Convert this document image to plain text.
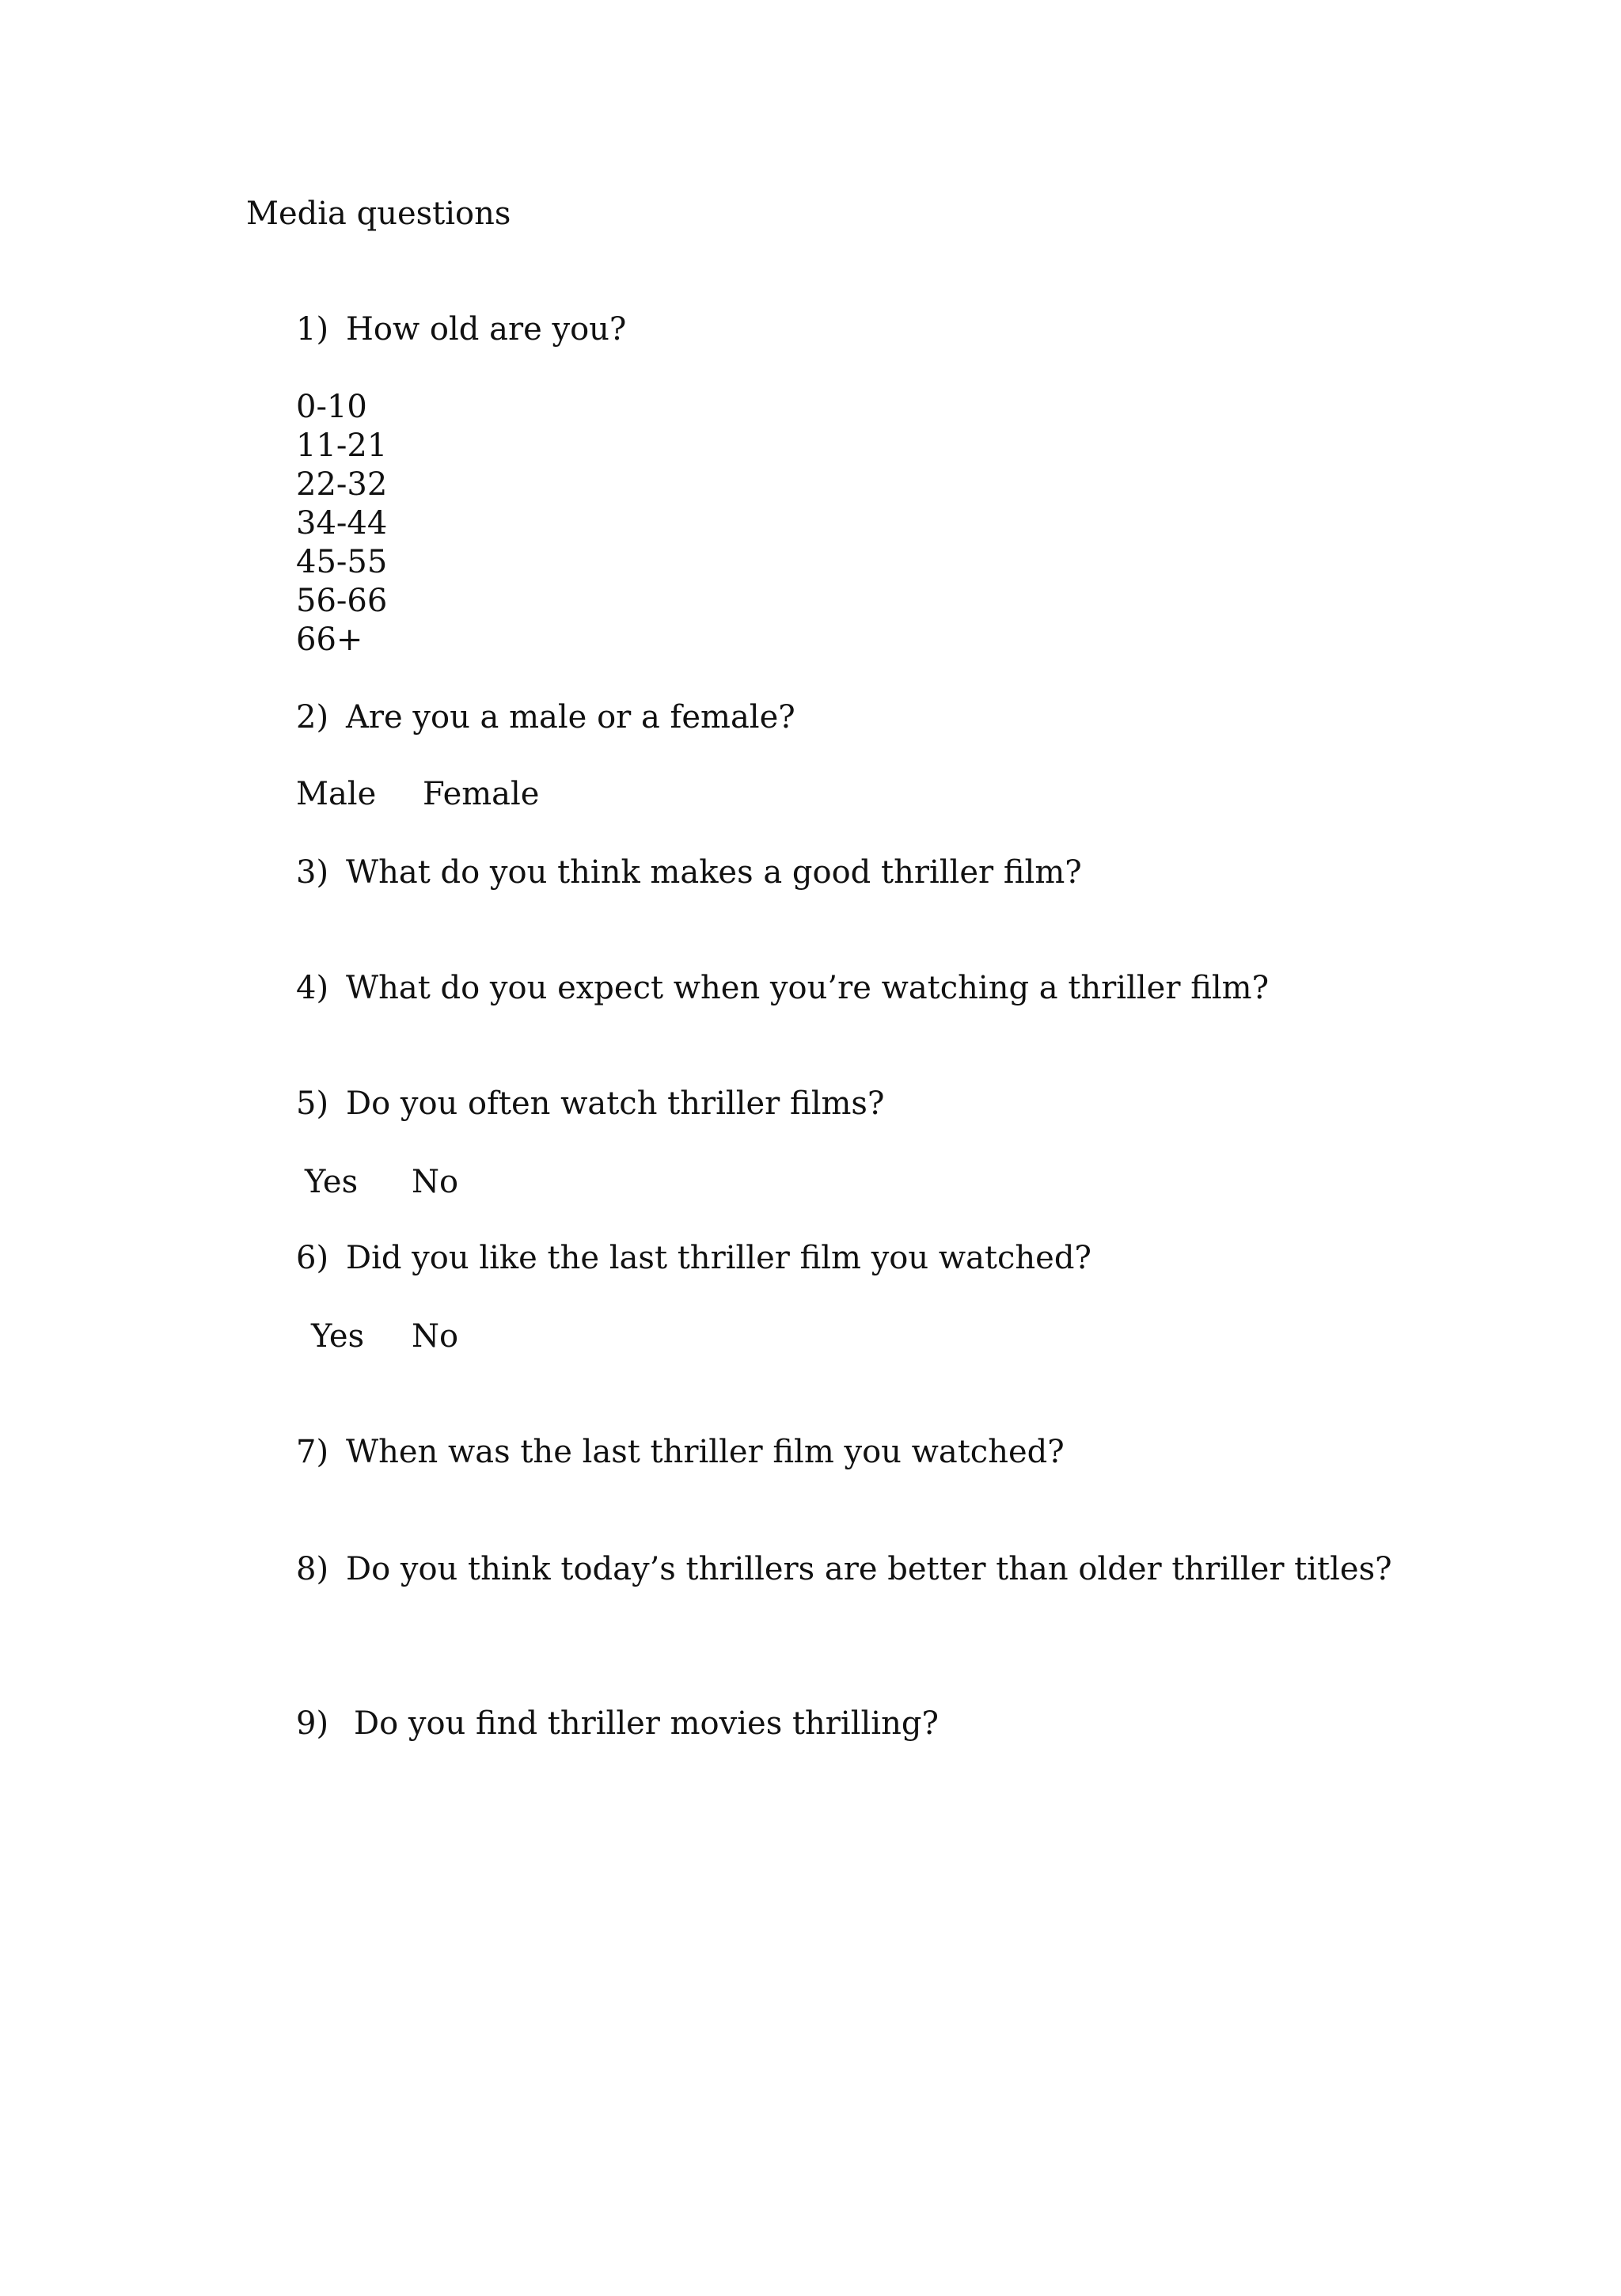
Media questions
1) How old are you?
0-10
11-21
22-32
34-44
45-55
56-66
66+
2) Are you a male or a female?
Male Female
3) What do you think makes a good thriller film?
4) What do you expect when you’re watching a thriller film?
5) Do you often watch thriller films?
Yes No
6) Did you like the last thriller film you watched?
Yes No
7) When was the last thriller film you watched?
8) Do you think today’s thrillers are better than older thriller titles?
9) Do you find thriller movies thrilling?
